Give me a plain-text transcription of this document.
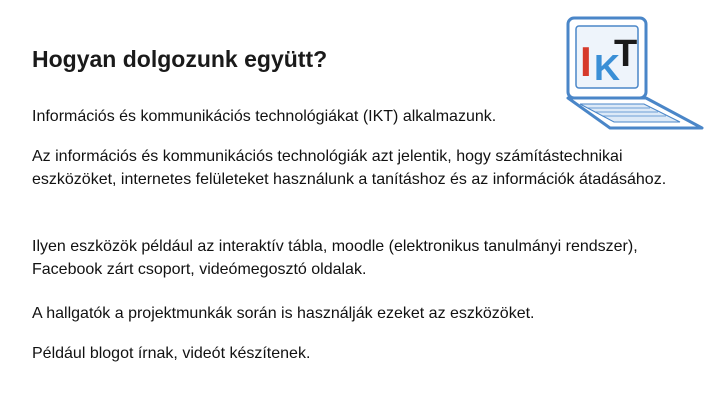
Hogyan dolgozunk együtt?

Információs és kommunikációs technológiákat (IKT) alkalmazunk.

Az információs és kommunikációs technológiák azt jelentik, hogy számítástechnikai eszközöket, internetes felületeket használunk a tanításhoz és az információk átadásához.

Ilyen eszközök például az interaktív tábla, moodle (elektronikus tanulmányi rendszer), Facebook zárt csoport, videómegosztó oldalak.

A hallgatók a projektmunkák során is használják ezeket az eszközöket.

Például blogot írnak, videót készítenek.

I K
T
